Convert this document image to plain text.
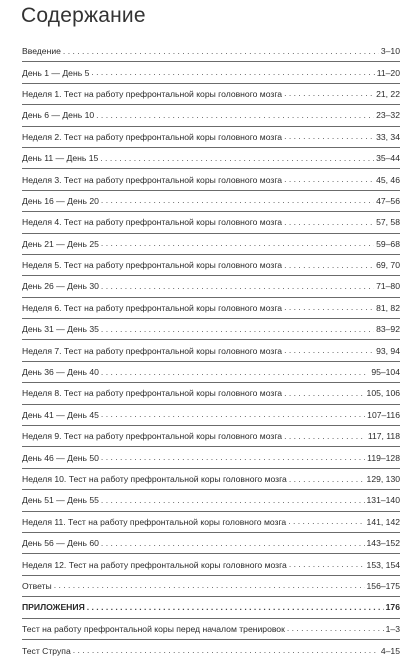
Содержание
Введение . . .	3–10
День 1 — День 5 . . .	11–20
Неделя 1. Тест на работу префронтальной коры головного мозга . . .	21, 22
День 6 — День 10 . . .	23–32
Неделя 2. Тест на работу префронтальной коры головного мозга . . .	33, 34
День 11 — День 15 . . .	35–44
Неделя 3. Тест на работу префронтальной коры головного мозга . . .	45, 46
День 16 — День 20 . . .	47–56
Неделя 4. Тест на работу префронтальной коры головного мозга . . .	57, 58
День 21 — День 25 . . .	59–68
Неделя 5. Тест на работу префронтальной коры головного мозга . . .	69, 70
День 26 — День 30 . . .	71–80
Неделя 6. Тест на работу префронтальной коры головного мозга . . .	81, 82
День 31 — День 35 . . .	83–92
Неделя 7. Тест на работу префронтальной коры головного мозга . . .	93, 94
День 36 — День 40 . . .	95–104
Неделя 8. Тест на работу префронтальной коры головного мозга . . .	105, 106
День 41 — День 45 . . .	107–116
Неделя 9. Тест на работу префронтальной коры головного мозга . . .	117, 118
День 46 — День 50 . . .	119–128
Неделя 10. Тест на работу префронтальной коры головного мозга . . .	129, 130
День 51 — День 55 . . .	131–140
Неделя 11. Тест на работу префронтальной коры головного мозга . . .	141, 142
День 56 — День 60 . . .	143–152
Неделя 12. Тест на работу префронтальной коры головного мозга . . .	153, 154
Ответы . . .	156–175
ПРИЛОЖЕНИЯ . . .	176
Тест на работу префронтальной коры перед началом тренировок . . .	1–3
Тест Струпа . . .	4–15
